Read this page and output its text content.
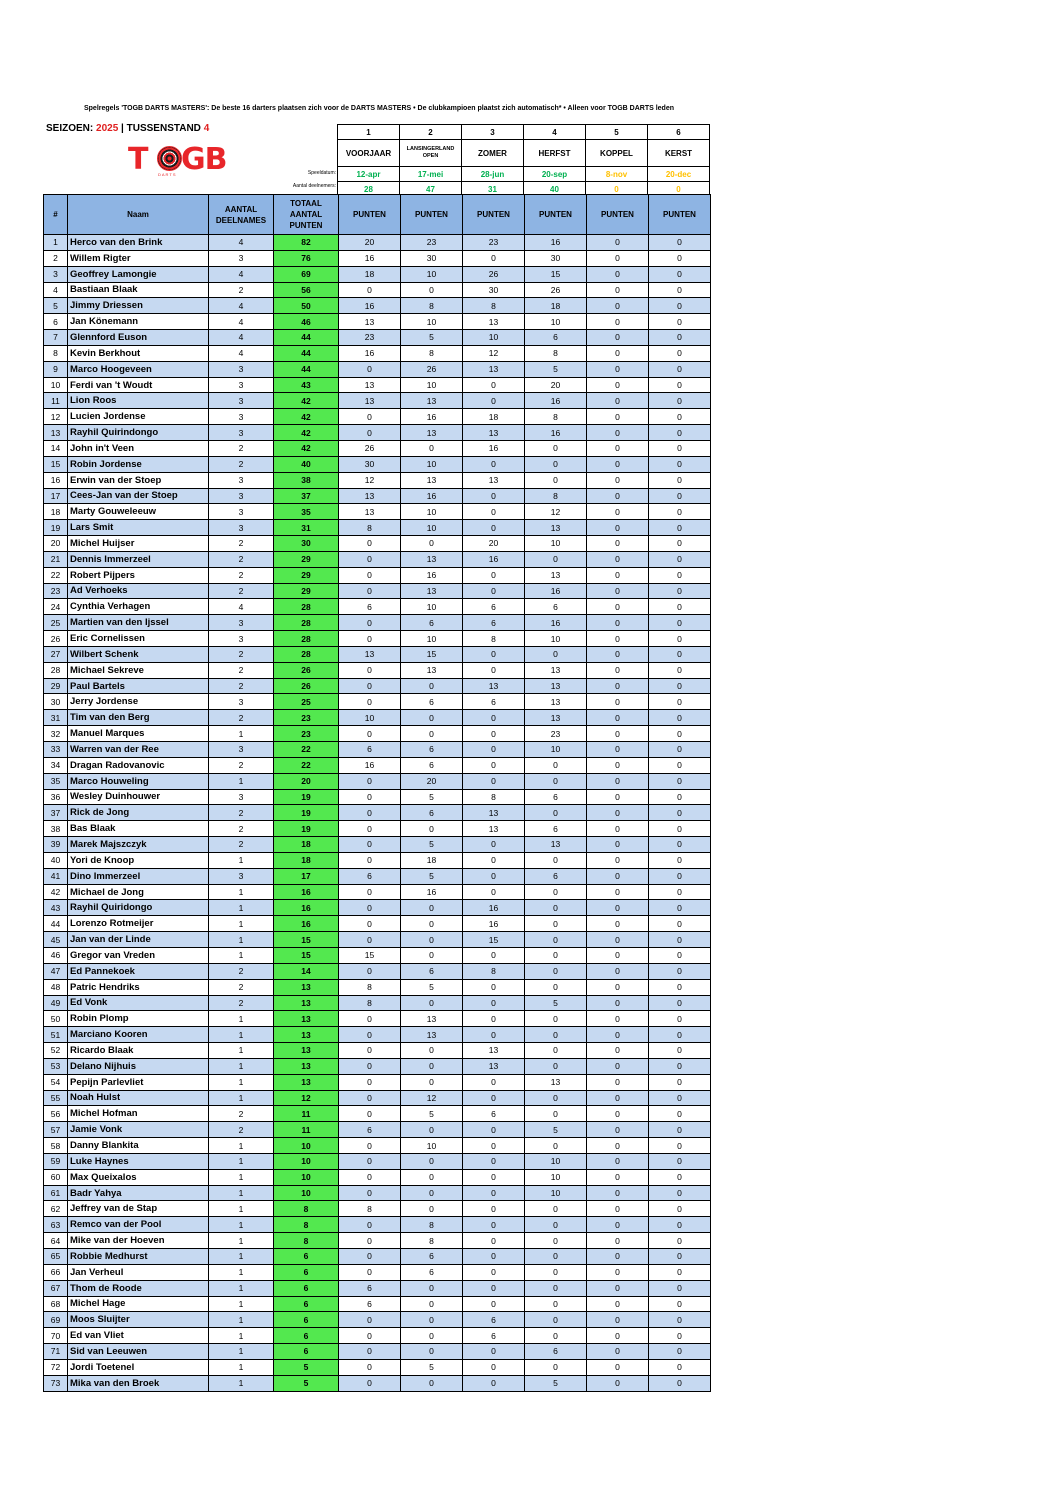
Spelregels 'TOGB DARTS MASTERS': De beste 16 darters plaatsen zich voor de DARTS MASTERS • De clubkampioen plaatst zich automatisch* • Alleen voor TOGB DARTS leden
SEIZOEN: 2025 | TUSSENSTAND 4
T GB
DARTS	Speeldatum:
Aantal deelnemers:
1	2	3	4	5	6
VOORJAAR	LANSINGERLAND OPEN	ZOMER	HERFST	KOPPEL	KERST
12-apr	17-mei	28-jun	20-sep	8-nov	20-dec
28	47	31	40	0	0
#	Naam	AANTAL DEELNAMES	TOTAAL AANTAL PUNTEN	PUNTEN	PUNTEN	PUNTEN	PUNTEN	PUNTEN	PUNTEN
1	Herco van den Brink	4	82	20	23	23	16	0	0
2	Willem Rigter	3	76	16	30	0	30	0	0
3	Geoffrey Lamongie	4	69	18	10	26	15	0	0
4	Bastiaan Blaak	2	56	0	0	30	26	0	0
5	Jimmy Driessen	4	50	16	8	8	18	0	0
6	Jan Könemann	4	46	13	10	13	10	0	0
7	Glennford Euson	4	44	23	5	10	6	0	0
8	Kevin Berkhout	4	44	16	8	12	8	0	0
9	Marco Hoogeveen	3	44	0	26	13	5	0	0
10	Ferdi van 't Woudt	3	43	13	10	0	20	0	0
11	Lion Roos	3	42	13	13	0	16	0	0
12	Lucien Jordense	3	42	0	16	18	8	0	0
13	Rayhil Quirindongo	3	42	0	13	13	16	0	0
14	John in't Veen	2	42	26	0	16	0	0	0
15	Robin Jordense	2	40	30	10	0	0	0	0
16	Erwin van der Stoep	3	38	12	13	13	0	0	0
17	Cees-Jan van der Stoep	3	37	13	16	0	8	0	0
18	Marty Gouweleeuw	3	35	13	10	0	12	0	0
19	Lars Smit	3	31	8	10	0	13	0	0
20	Michel Huijser	2	30	0	0	20	10	0	0
21	Dennis Immerzeel	2	29	0	13	16	0	0	0
22	Robert Pijpers	2	29	0	16	0	13	0	0
23	Ad Verhoeks	2	29	0	13	0	16	0	0
24	Cynthia Verhagen	4	28	6	10	6	6	0	0
25	Martien van den Ijssel	3	28	0	6	6	16	0	0
26	Eric Cornelissen	3	28	0	10	8	10	0	0
27	Wilbert Schenk	2	28	13	15	0	0	0	0
28	Michael Sekreve	2	26	0	13	0	13	0	0
29	Paul Bartels	2	26	0	0	13	13	0	0
30	Jerry Jordense	3	25	0	6	6	13	0	0
31	Tim van den Berg	2	23	10	0	0	13	0	0
32	Manuel Marques	1	23	0	0	0	23	0	0
33	Warren van der Ree	3	22	6	6	0	10	0	0
34	Dragan Radovanovic	2	22	16	6	0	0	0	0
35	Marco Houweling	1	20	0	20	0	0	0	0
36	Wesley Duinhouwer	3	19	0	5	8	6	0	0
37	Rick de Jong	2	19	0	6	13	0	0	0
38	Bas Blaak	2	19	0	0	13	6	0	0
39	Marek Majszczyk	2	18	0	5	0	13	0	0
40	Yori de Knoop	1	18	0	18	0	0	0	0
41	Dino Immerzeel	3	17	6	5	0	6	0	0
42	Michael de Jong	1	16	0	16	0	0	0	0
43	Rayhil Quiridongo	1	16	0	0	16	0	0	0
44	Lorenzo Rotmeijer	1	16	0	0	16	0	0	0
45	Jan van der Linde	1	15	0	0	15	0	0	0
46	Gregor van Vreden	1	15	15	0	0	0	0	0
47	Ed Pannekoek	2	14	0	6	8	0	0	0
48	Patric Hendriks	2	13	8	5	0	0	0	0
49	Ed Vonk	2	13	8	0	0	5	0	0
50	Robin Plomp	1	13	0	13	0	0	0	0
51	Marciano Kooren	1	13	0	13	0	0	0	0
52	Ricardo Blaak	1	13	0	0	13	0	0	0
53	Delano Nijhuis	1	13	0	0	13	0	0	0
54	Pepijn Parlevliet	1	13	0	0	0	13	0	0
55	Noah Hulst	1	12	0	12	0	0	0	0
56	Michel Hofman	2	11	0	5	6	0	0	0
57	Jamie Vonk	2	11	6	0	0	5	0	0
58	Danny Blankita	1	10	0	10	0	0	0	0
59	Luke Haynes	1	10	0	0	0	10	0	0
60	Max Queixalos	1	10	0	0	0	10	0	0
61	Badr Yahya	1	10	0	0	0	10	0	0
62	Jeffrey van de Stap	1	8	8	0	0	0	0	0
63	Remco van der Pool	1	8	0	8	0	0	0	0
64	Mike van der Hoeven	1	8	0	8	0	0	0	0
65	Robbie Medhurst	1	6	0	6	0	0	0	0
66	Jan Verheul	1	6	0	6	0	0	0	0
67	Thom de Roode	1	6	6	0	0	0	0	0
68	Michel Hage	1	6	6	0	0	0	0	0
69	Moos Sluijter	1	6	0	0	6	0	0	0
70	Ed van Vliet	1	6	0	0	6	0	0	0
71	Sid van Leeuwen	1	6	0	0	0	6	0	0
72	Jordi Toetenel	1	5	0	5	0	0	0	0
73	Mika van den Broek	1	5	0	0	0	5	0	0
